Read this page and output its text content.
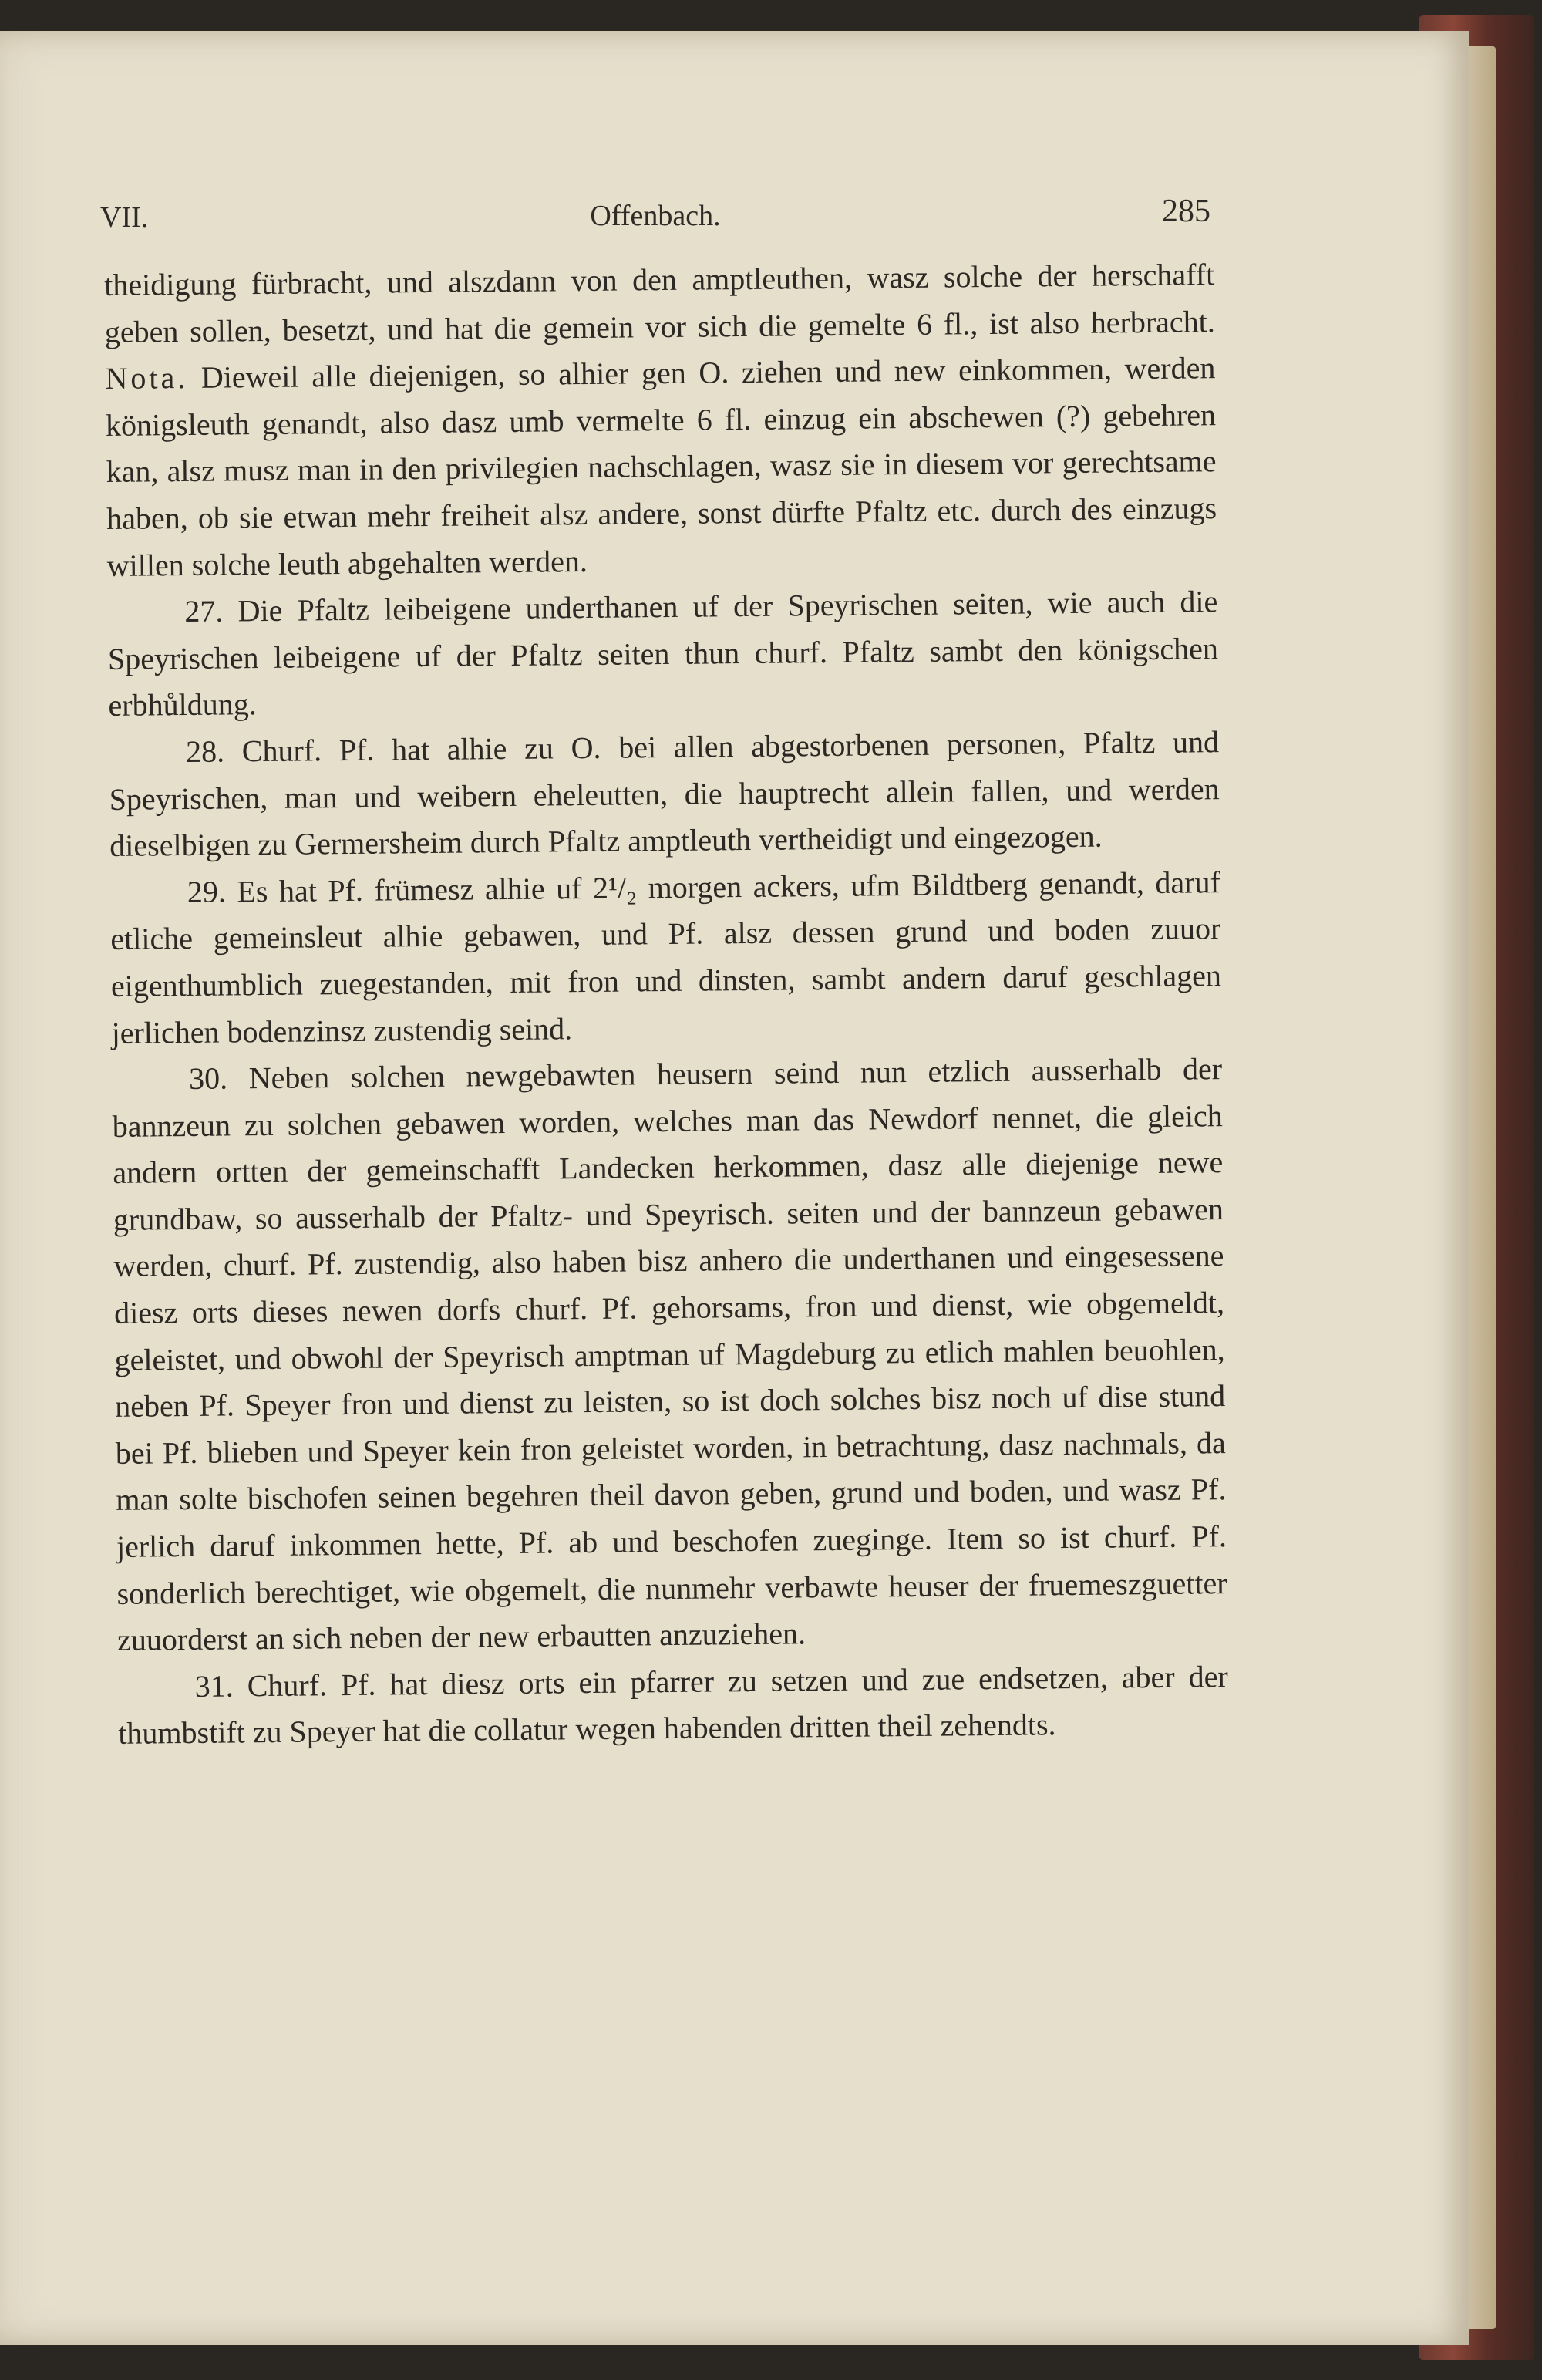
VII.	Offenbach.	285

theidigung fürbracht, und alszdann von den amptleuthen, wasz solche der herschafft geben sollen, besetzt, und hat die gemein vor sich die gemelte 6 fl., ist also herbracht. Nota. Dieweil alle diejenigen, so alhier gen O. ziehen und new einkommen, werden königsleuth genandt, also dasz umb vermelte 6 fl. einzug ein abschewen (?) gebehren kan, alsz musz man in den privilegien nachschlagen, wasz sie in diesem vor gerechtsame haben, ob sie etwan mehr freiheit alsz andere, sonst dürfte Pfaltz etc. durch des einzugs willen solche leuth abgehalten werden.

27. Die Pfaltz leibeigene underthanen uf der Speyrischen seiten, wie auch die Speyrischen leibeigene uf der Pfaltz seiten thun churf. Pfaltz sambt den königschen erbhůldung.

28. Churf. Pf. hat alhie zu O. bei allen abgestorbenen personen, Pfaltz und Speyrischen, man und weibern eheleutten, die hauptrecht allein fallen, und werden dieselbigen zu Germersheim durch Pfaltz amptleuth vertheidigt und eingezogen.

29. Es hat Pf. frümesz alhie uf 2¹/₂ morgen ackers, ufm Bildtberg genandt, daruf etliche gemeinsleut alhie gebawen, und Pf. alsz dessen grund und boden zuuor eigenthumblich zuegestanden, mit fron und dinsten, sambt andern daruf geschlagen jerlichen bodenzinsz zustendig seind.

30. Neben solchen newgebawten heusern seind nun etzlich ausserhalb der bannzeun zu solchen gebawen worden, welches man das Newdorf nennet, die gleich andern ortten der gemeinschafft Landecken herkommen, dasz alle diejenige newe grundbaw, so ausserhalb der Pfaltz- und Speyrisch. seiten und der bannzeun gebawen werden, churf. Pf. zustendig, also haben bisz anhero die underthanen und eingesessene diesz orts dieses newen dorfs churf. Pf. gehorsams, fron und dienst, wie obgemeldt, geleistet, und obwohl der Speyrisch amptman uf Magdeburg zu etlich mahlen beuohlen, neben Pf. Speyer fron und dienst zu leisten, so ist doch solches bisz noch uf dise stund bei Pf. blieben und Speyer kein fron geleistet worden, in betrachtung, dasz nachmals, da man solte bischofen seinen begehren theil davon geben, grund und boden, und wasz Pf. jerlich daruf inkommen hette, Pf. ab und beschofen zueginge. Item so ist churf. Pf. sonderlich berechtiget, wie obgemelt, die nunmehr verbawte heuser der fruemeszguetter zuuorderst an sich neben der new erbautten anzuziehen.

31. Churf. Pf. hat diesz orts ein pfarrer zu setzen und zue endsetzen, aber der thumbstift zu Speyer hat die collatur wegen habenden dritten theil zehendts.
